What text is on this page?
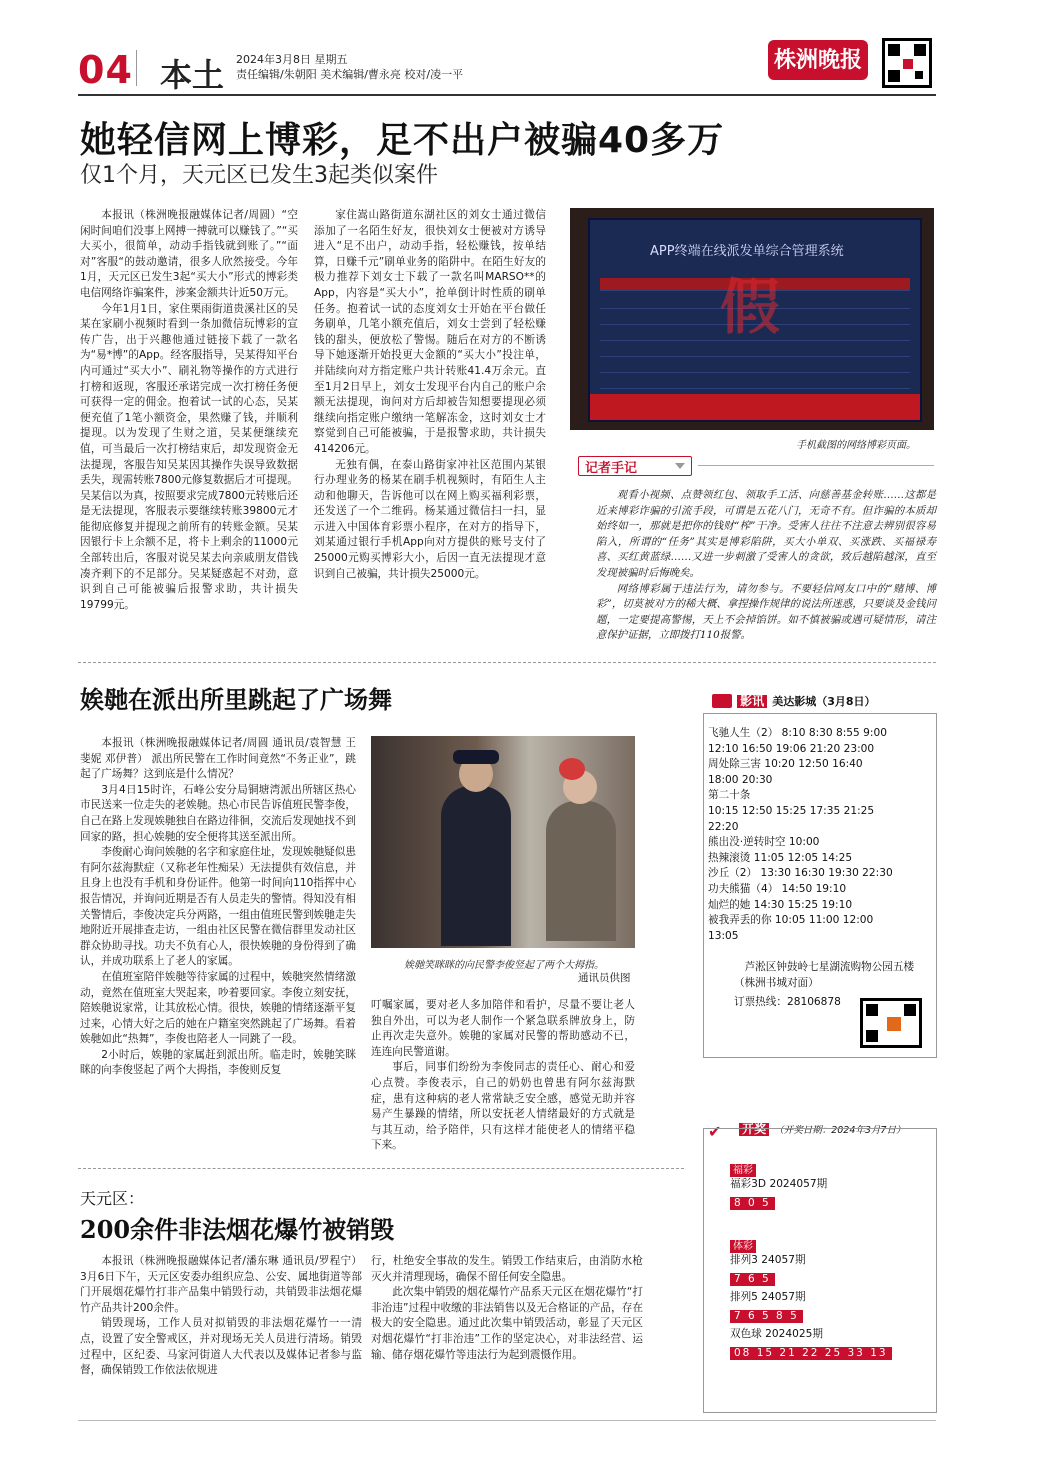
04 本土 2024年3月8日 星期五
责任编辑/朱朝阳 美术编辑/曹永亮 校对/凌一平
株洲晚报
她轻信网上博彩，足不出户被骗40多万
仅1个月，天元区已发生3起类似案件

本报讯（株洲晚报融媒体记者/周圆）“空闲时间咱们没事上网搏一搏就可以赚钱了。”“买大买小，很简单，动动手指钱就到账了。”“面对”客服“的鼓动邀请，很多人欣然接受。今年1月，天元区已发生3起“买大小”形式的博彩类电信网络诈骗案件，涉案金额共计近50万元。

今年1月1日，家住栗雨街道贵溪社区的吴某在家刷小视频时看到一条加微信玩博彩的宣传广告，出于兴趣他通过链接下载了一款名为“易*博”的App。经客服指导，吴某得知平台内可通过“买大小”、刷礼物等操作的方式进行打榜和返现，客服还承诺完成一次打榜任务便可获得一定的佣金。抱着试一试的心态，吴某便充值了1笔小额资金，果然赚了钱，并顺利提现。以为发现了生财之道，吴某便继续充值，可当最后一次打榜结束后，却发现资金无法提现，客服告知吴某因其操作失误导致数据丢失，现需转账7800元修复数据后才可提现。吴某信以为真，按照要求完成7800元转账后还是无法提现，客服表示要继续转账39800元才能彻底修复并提现之前所有的转账金额。吴某因银行卡上余额不足，将卡上剩余的11000元全部转出后，客服对说吴某去向亲戚朋友借钱凑齐剩下的不足部分。吴某疑惑起不对劲，意识到自己可能被骗后报警求助，共计损失19799元。

家住嵩山路街道东湖社区的刘女士通过微信添加了一名陌生好友，很快刘女士便被对方诱导进入“足不出户，动动手指，轻松赚钱，按单结算，日赚千元”刷单业务的陷阱中。在陌生好友的极力推荐下刘女士下载了一款名叫MARSO**的App，内容是“买大小”，抢单倒计时性质的刷单任务。抱着试一试的态度刘女士开始在平台做任务刷单，几笔小额充值后，刘女士尝到了轻松赚钱的甜头，便放松了警惕。随后在对方的不断诱导下她逐渐开始投更大金额的“买大小”投注单，并陆续向对方指定账户共计转账41.4万余元。直至1月2日早上，刘女士发现平台内自己的账户余额无法提现，询问对方后却被告知想要提现必须继续向指定账户缴纳一笔解冻金，这时刘女士才察觉到自己可能被骗，于是报警求助，共计损失414206元。

无独有偶，在泰山路街家冲社区范围内某银行办理业务的杨某在刷手机视频时，有陌生人主动和他聊天，告诉他可以在网上购买福利彩票，还发送了一个二维码。杨某通过微信扫一扫，显示进入中国体育彩票小程序，在对方的指导下，刘某通过银行手机App向对方提供的账号支付了25000元购买博彩大小，后因一直无法提现才意识到自己被骗，共计损失25000元。

APP终端在线派发单综合管理系统
假
手机截图的网络博彩页面。
记者手记

观看小视频、点赞领红包、领取手工活、向慈善基金转账……这都是近来博彩诈骗的引流手段，可谓是五花八门，无奇不有。但诈骗的本质却始终如一，那就是把你的钱财“榨”干净。受害人往往不注意去辨别很容易陷入，所谓的“任务”其实是博彩陷阱，买大小单双、买涨跌、买福禄寿喜、买红黄蓝绿……又进一步刺激了受害人的贪欲，致后越陷越深，直至发现被骗时后悔晚矣。

网络博彩属于违法行为，请勿参与。不要轻信网友口中的“赌博、博彩”，切莫被对方的稀大概、拿捏操作规律的说法所迷惑，只要谈及金钱问题，一定要提高警惕，天上不会掉馅饼。如不慎被骗或遇可疑情形，请注意保护证据，立即拨打110报警。

娭毑在派出所里跳起了广场舞

本报讯（株洲晚报融媒体记者/周圆 通讯员/袁智慧 王斐妮 邓伊普） 派出所民警在工作时间竟然“不务正业”，跳起了广场舞？这到底是什么情况？

3月4日15时许，石峰公安分局铜塘湾派出所辖区热心市民送来一位走失的老娭毑。热心市民告诉值班民警李俊，自己在路上发现娭毑独自在路边徘徊，交流后发现她找不到回家的路，担心娭毑的安全便将其送至派出所。

李俊耐心询问娭毑的名字和家庭住址，发现娭毑疑似患有阿尔兹海默症（又称老年性痴呆）无法提供有效信息，并且身上也没有手机和身份证件。他第一时间向110指挥中心报告情况，并询问近期是否有人员走失的警情。得知没有相关警情后，李俊决定兵分两路，一组由值班民警到娭毑走失地附近开展排查走访，一组由社区民警在微信群里发动社区群众协助寻找。功夫不负有心人，很快娭毑的身份得到了确认，并成功联系上了老人的家属。

在值班室陪伴娭毑等待家属的过程中，娭毑突然情绪激动，竟然在值班室大哭起来，吵着要回家。李俊立刻安抚，陪娭毑说家常，让其放松心情。很快，娭毑的情绪逐渐平复过来，心情大好之后的她在户籍室突然跳起了广场舞。看着娭毑如此“热舞”，李俊也陪老人一同跳了一段。

2小时后，娭毑的家属赶到派出所。临走时，娭毑笑眯眯的向李俊竖起了两个大拇指，李俊则反复

娭毑笑眯眯的向民警李俊竖起了两个大拇指。
通讯员供图

叮嘱家属，要对老人多加陪伴和看护，尽量不要让老人独自外出，可以为老人制作一个紧急联系牌放身上，防止再次走失意外。娭毑的家属对民警的帮助感动不已，连连向民警道谢。

事后，同事们纷纷为李俊同志的责任心、耐心和爱心点赞。李俊表示，自己的奶奶也曾患有阿尔兹海默症，患有这种病的老人常常缺乏安全感，感觉无助并容易产生暴躁的情绪，所以安抚老人情绪最好的方式就是与其互动，给予陪伴，只有这样才能使老人的情绪平稳下来。

影讯 美达影城（3月8日）
飞驰人生（2） 8:10 8:30 8:55 9:00
12:10 16:50 19:06 21:20 23:00
周处除三害 10:20 12:50 16:40
18:00 20:30
第二十条
10:15 12:50 15:25 17:35 21:25
22:20
熊出没·逆转时空 10:00
热辣滚烫 11:05 12:05 14:25
沙丘（2） 13:30 16:30 19:30 22:30
功夫熊猫（4） 14:50 19:10
灿烂的她 14:30 15:25 19:10
被我弄丢的你 10:05 11:00 12:00
13:05
芦淞区钟鼓岭七星湖流购物公园五楼（株洲书城对面）
订票热线：28106878
✔ 开奖 （开奖日期：2024年3月7日）
福彩
福彩3D 2024057期
8 0 5
体彩
排列3 24057期
7 6 5
排列5 24057期
7 6 5 8 5
双色球 2024025期
08 15 21 22 25 33 13
天元区：
200余件非法烟花爆竹被销毁

本报讯（株洲晚报融媒体记者/潘东琳 通讯员/罗程宁） 3月6日下午，天元区安委办组织应急、公安、属地街道等部门开展烟花爆竹打非产品集中销毁行动，共销毁非法烟花爆竹产品共计200余件。

销毁现场，工作人员对拟销毁的非法烟花爆竹一一清点，设置了安全警戒区，并对现场无关人员进行清场。销毁过程中，区纪委、马家河街道人大代表以及媒体记者参与监督，确保销毁工作依法依规进

行，杜绝安全事故的发生。销毁工作结束后，由消防水枪灭火并清理现场，确保不留任何安全隐患。

此次集中销毁的烟花爆竹产品系天元区在烟花爆竹“打非治违”过程中收缴的非法销售以及无合格证的产品，存在极大的安全隐患。通过此次集中销毁活动，彰显了天元区对烟花爆竹“打非治违”工作的坚定决心，对非法经营、运输、储存烟花爆竹等违法行为起到震慑作用。
